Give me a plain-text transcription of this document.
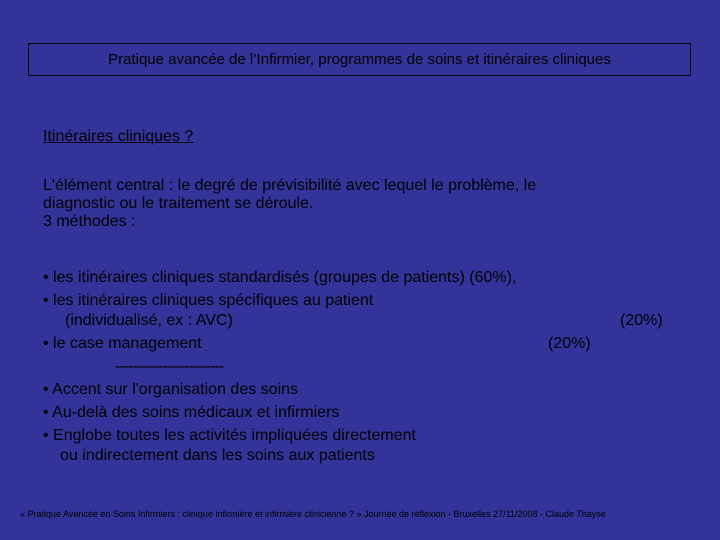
Pratique avancée de l’Infirmier, programmes de soins et itinéraires cliniques
Itinéraires cliniques ?
L'élément central : le degré de prévisibilité avec lequel le problème, le
diagnostic ou le traitement se déroule.
3 méthodes :
• les itinéraires cliniques standardisés (groupes de patients) (60%),
• les itinéraires cliniques spécifiques au patient
(individualisé, ex : AVC)	(20%)
• le case management	(20%)
-------------------------
• Accent sur l'organisation des soins
• Au-delà des soins médicaux et infirmiers
• Englobe toutes les activités impliquées directement
ou indirectement dans les soins aux patients
« Pratique Avancée en Soins Infirmiers : clinique infirmière et infirmière clinicienne ? » Journée de réflexion - Bruxelles 27/11/2008 - Claude Thayse
